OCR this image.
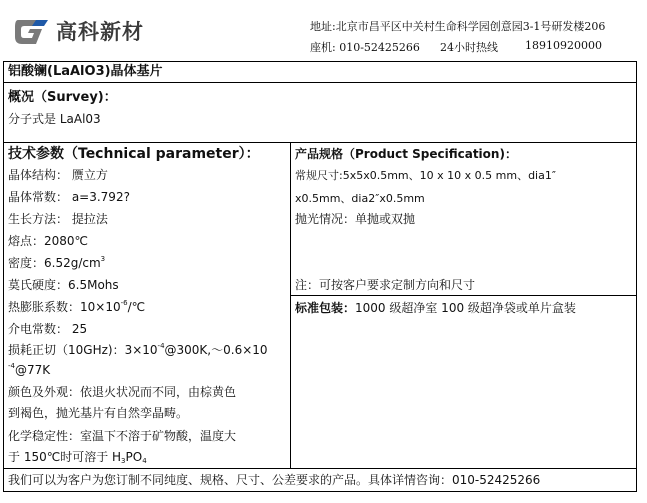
高科新材	地址:北京市昌平区中关村生命科学园创意园3-1号研发楼206
座机: 010-52425266 24小时热线 18910920000
铝酸镧(LaAlO3)晶体基片
概况（Survey)：
分子式是 LaAl03
技术参数（Technical parameter）：
晶体结构： 赝立方
晶体常数： a=3.792?
生长方法： 提拉法
熔点：2080℃
密度：$6.52g/cm^3$
莫氏硬度：6.5Mohs
热膨胀系数：$10\times 10^{-6}/℃$
介电常数： 25
损耗正切（10GHz)：$3\times 10^{-4}@300K,\sim 0.6\times 10$
$^{-4}$@77K
颜色及外观：依退火状况而不同，由棕黄色
到褐色，抛光基片有自然孪晶畴。
化学稳定性：室温下不溶于矿物酸，温度大
于 150℃时可溶于 $H_3PO_4$
产品规格（Product Specification)：
常规尺寸:5x5x0.5mm、10 x 10 x 0.5 mm、dia1″
x0.5mm、dia2″x0.5mm
抛光情况：单抛或双抛
注：可按客户要求定制方向和尺寸
标准包装：1000 级超净室 100 级超净袋或单片盒装
我们可以为客户为您订制不同纯度、规格、尺寸、公差要求的产品。具体详情咨询：010-52425266
